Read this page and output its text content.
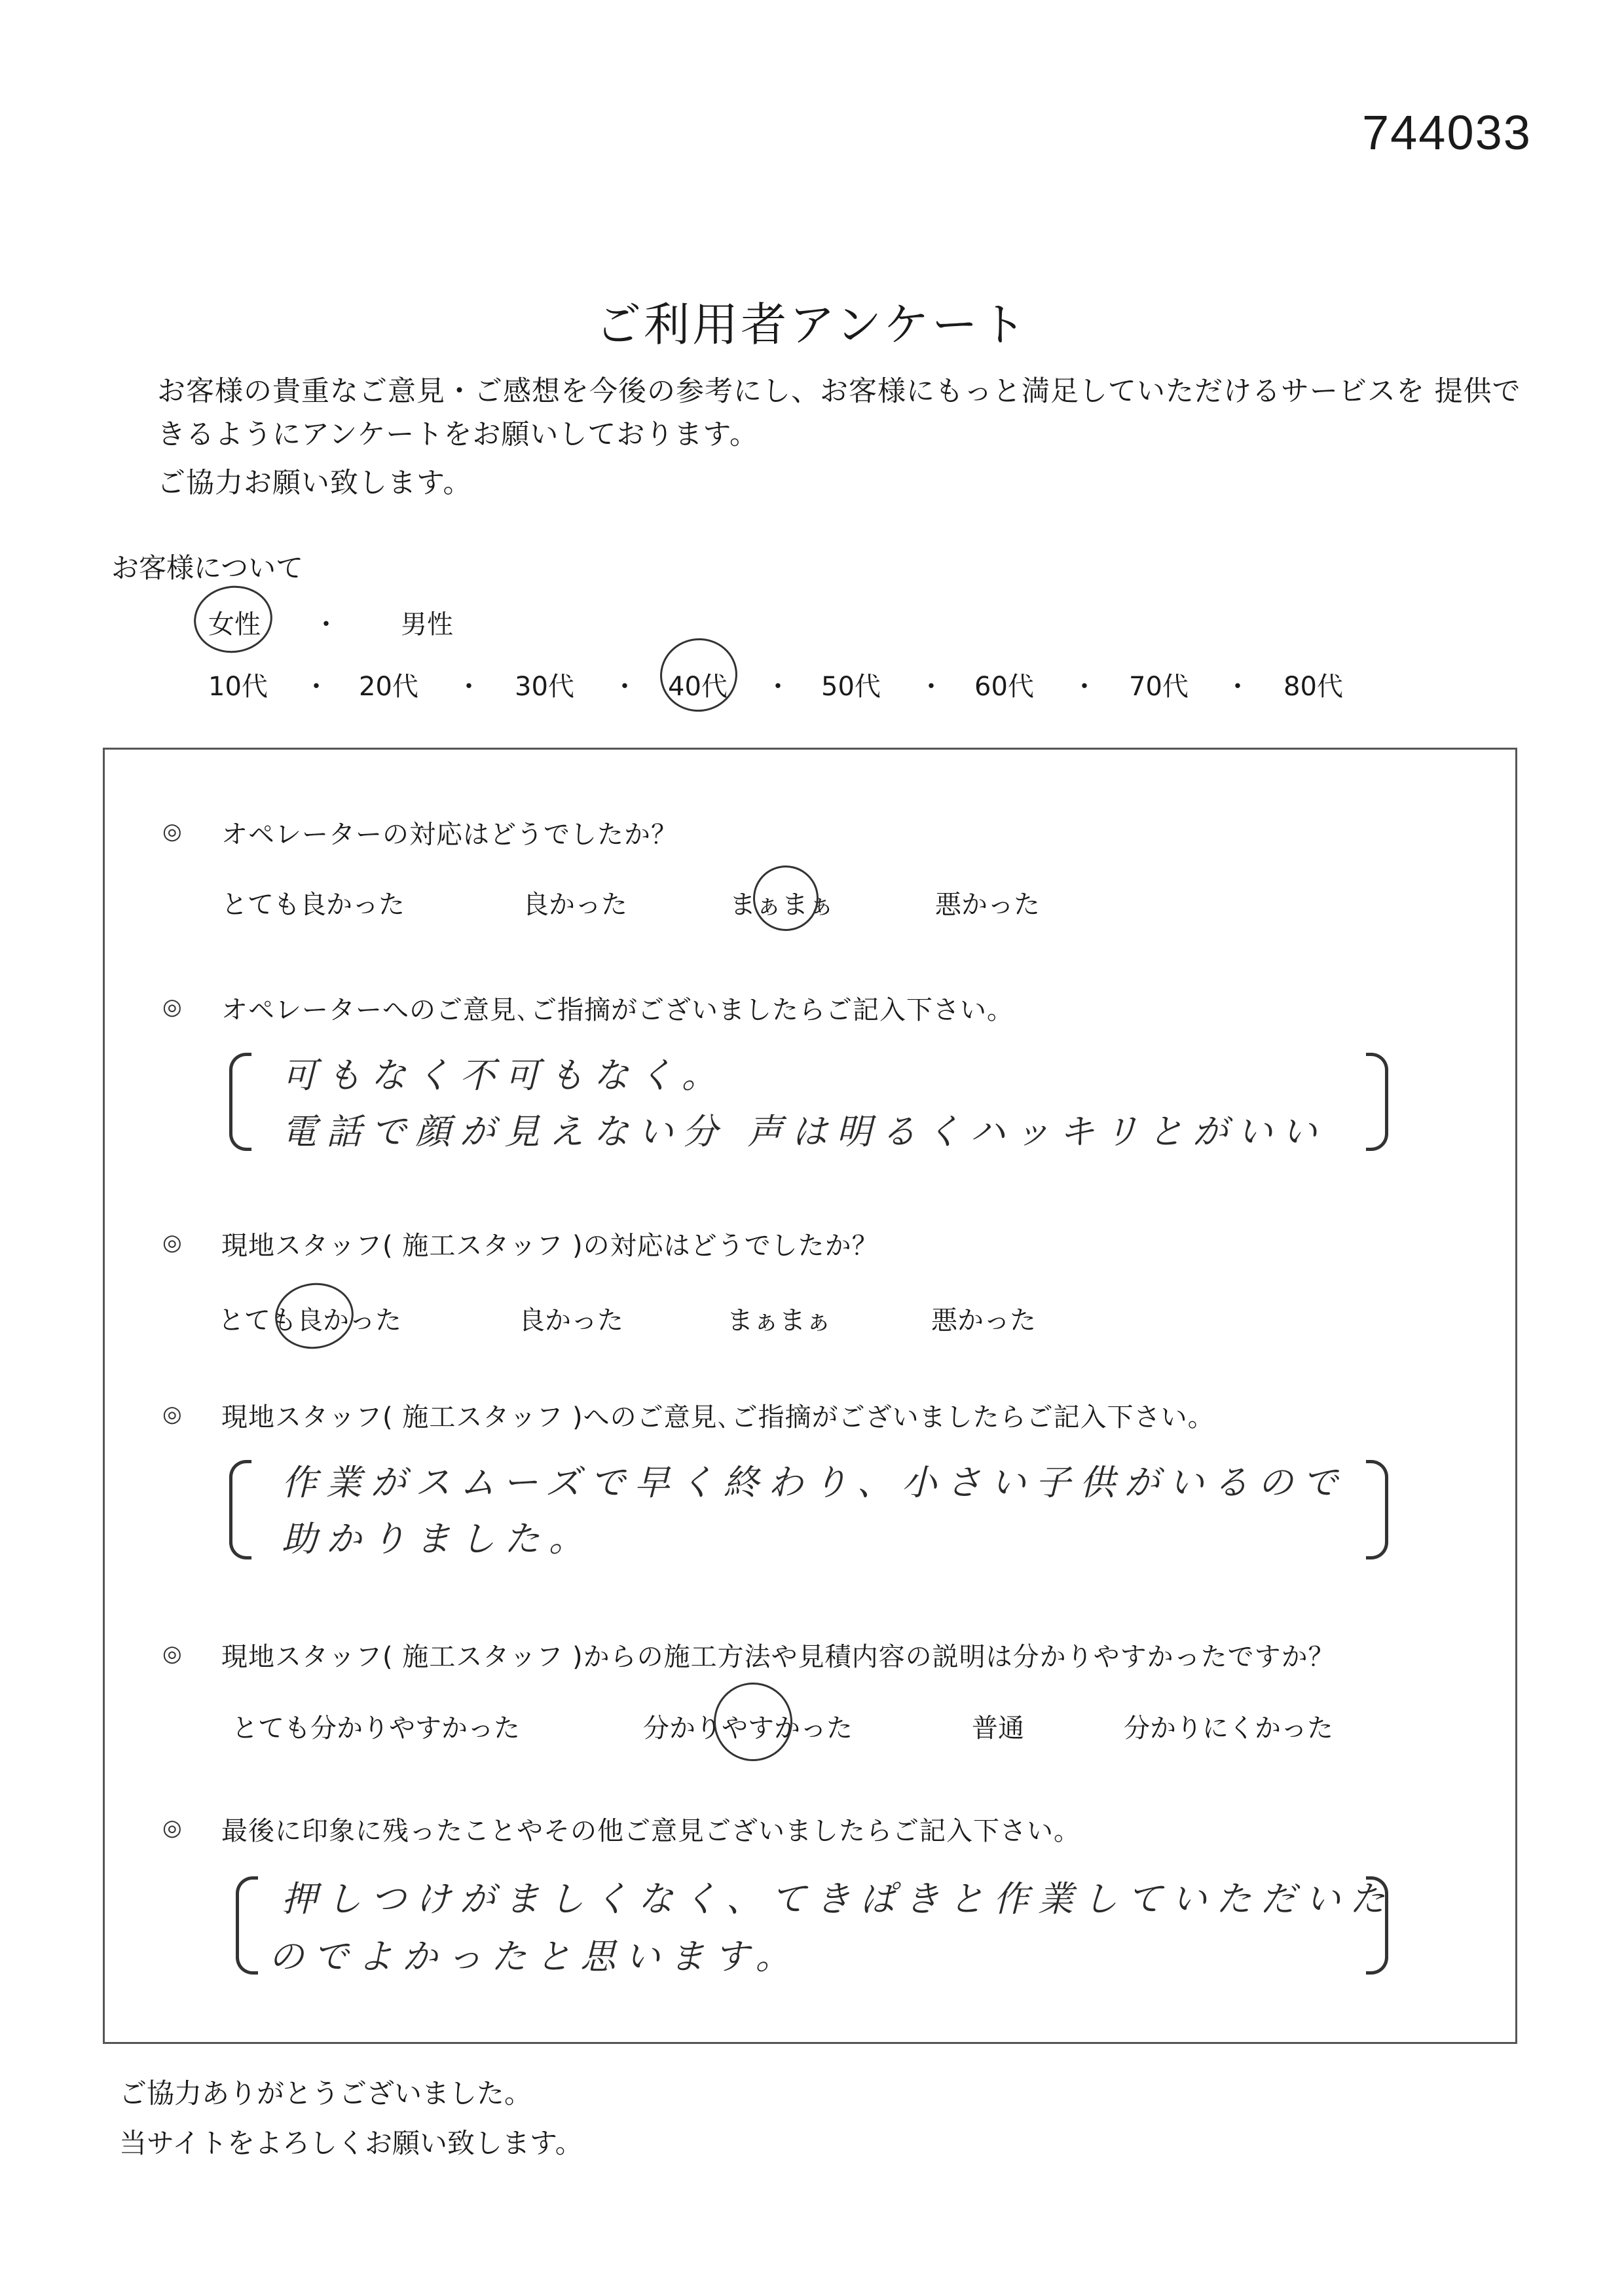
744033
ご利用者アンケート

お客様の貴重なご意見・ご感想を今後の参考にし、お客様にもっと満足していただけるサービスを 提供できるようにアンケートをお願いしております。

ご協力お願い致します。

お客様について
女性 ・ 男性
10代 ・ 20代 ・ 30代 ・ 40代 ・ 50代 ・ 60代 ・ 70代 ・ 80代
◎ オペレーターの対応はどうでしたか？
とても良かった	良かった	まぁまぁ	悪かった
◎ オペレーターへのご意見､ご指摘がございましたらご記入下さい。
可もなく不可もなく。
電話で顔が見えない分 声は明るくハッキリとがいい
◎ 現地スタッフ( 施工スタッフ )の対応はどうでしたか？
とても良かった	良かった	まぁまぁ	悪かった
◎ 現地スタッフ( 施工スタッフ )へのご意見､ご指摘がございましたらご記入下さい。
作業がスムーズで早く終わり、小さい子供がいるので
助かりました。
◎ 現地スタッフ( 施工スタッフ )からの施工方法や見積内容の説明は分かりやすかったですか？
とても分かりやすかった	分かりやすかった	普通	分かりにくかった
◎ 最後に印象に残ったことやその他ご意見ございましたらご記入下さい。
押しつけがましくなく、てきぱきと作業していただいた
のでよかったと思います。

ご協力ありがとうございました。

当サイトをよろしくお願い致します。
